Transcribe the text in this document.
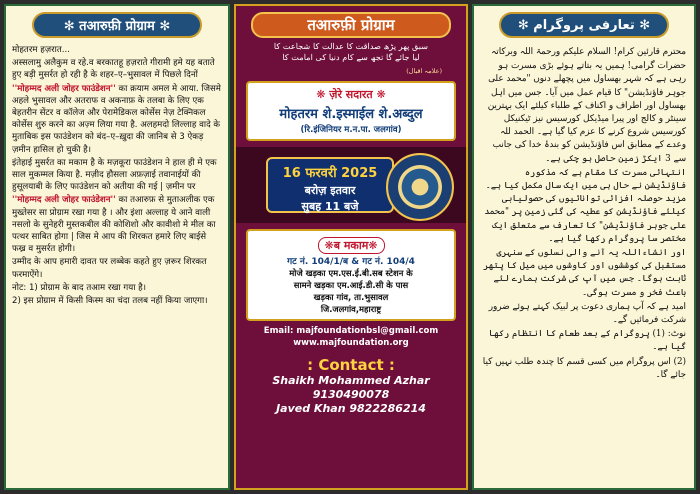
✻ तआरुफ़ी प्रोग्राम ✻

मोहतरम हज़रात...

अस्सलामु अलैकुम व रहे.व बरकातहू हज़राते गीरामी हमे यह बताते हुए बड़ी मुसर्रत हो रही है के शहर–ए–भुसावल में पिछले दिनों

''मोहम्मद अली जोहर फाउंडेशन'' का क़याम अमल मे आया. जिसमे अहले भुसावल और अतराफ व अकनाफ़ के तलबा के लिए एक बेहतरीन सेंटर व कॉलेज और पेरामेडिकल कोर्सेस नेज़ टेक्निकल कोर्सेस शुरु करने का अज़्म लिया गया है. अलहमदो लिल्लाह वादे के मुताबिक इस फाउंडेशन को बंद–ए–ख़ुदा की जानिब से 3 ऐकड़ ज़मीन हासिल हो चुकी है।

इंतेहाई मुसर्रत का मकाम है के मज़कूरा फाउंडेशन ने हाल ही मे एक साल मुकम्मल किया है. मज़ीद हौसला अफ़ज़ाई तवानाईयों की हुसूलयाबी के लिए फाउंडेशन को अतीया की गई | ज़मीन पर

''मोहम्मद अली जोहर फाउंडेशन'' का तआरुफ़ से मुताअलीक एक मुख्तेसर सा प्रोग्राम रखा गया है । और इंशा अल्लाह ये आने वाली नसलो के सुनेहरी मुस्तकबील की कोशिशो और कावीशो मे मील का पत्थर साबित होगा | जिस मे आप की शिरकत हमारे लिए बाईसे फख्र व मुसर्रत होगी।

उम्मीद के आप हमारी दावत पर लब्बेक कहते हुए ज़रूर शिरकत फरमाऐंगे।

नोट: 1) प्रोग्राम के बाद तआम रखा गया है।

2) इस प्रोग्राम में किसी किस्म का चंदा तलब नहीं किया जाएगा।

तआरुफ़ी प्रोग्राम
سبق پھر پڑھ صداقت کا عدالت کا شجاعت کا
لیا جائے گا تجھ سے کام دنیا کی امامت کا
(علامہ اقبال)
❋ ज़ेरे सदारत ❋
मोहतरम शे.इस्माईल शे.अब्दुल
(रि.इंजिनियर म.न.पा. जलगांव)
16 फरवरी 2025
बरोज़ इतवार
सुबह 11 बजे
❋ब मकाम❋
गट नं. 104/1/ब & गट नं. 104/4
मोजे खड़का एम.एस.ई.बी.सब स्टेशन के
सामने खड़का एम.आई.डी.सी के पास
खड़का गांव, ता.भुसावल
जि.जलगांव,महाराष्ट्र
Email: majfoundationbsl@gmail.com
www.majfoundation.org
: Contact :
Shaikh Mohammed Azhar
9130490078
Javed Khan 9822286214
✻ تعارفی پروگرام ✻

محترم قارئین کرام! السلام علیکم ورحمۃ اللہ وبرکاتہ

حضرات گرامی! ہمیں یہ بتاتے ہوئے بڑی مسرت ہو رہی ہے کہ شہر بھساول میں پچھلے دنوں "محمد علی جوہر فاؤنڈیشن" کا قیام عمل میں آیا۔ جس میں اہل بھساول اور اطراف و اکناف کے طلباء کیلئے ایک بہترین سینٹر و کالج اور پیرا میڈیکل کورسیس نیز ٹیکنیکل کورسیس شروع کرنے کا عزم کیا گیا ہے۔ الحمد للہ وعدے کے مطابق اس فاؤنڈیشن کو بندۂ خدا کی جانب سے 3 ایکڑ زمین حاصل ہو چکی ہے۔

انتہائی مسرت کا مقام ہے کہ مذکورہ فاؤنڈیشن نے حال ہی میں ایک سال مکمل کیا ہے۔ مزید حوصلہ افزائی توانائیوں کی حصولیابی کیلئے فاؤنڈیشن کو عطیہ کی گئی زمین پر "محمد علی جوہر فاؤنڈیشن" کا تعارف سے متعلق ایک مختصر سا پروگرام رکھا گیا ہے۔

اور انشاءاللہ یہ آنے والی نسلوں کے سنہری مستقبل کی کوششوں اور کاوشوں میں میل کا پتھر ثابت ہوگا۔ جس میں آپ کی شرکت ہمارے لئے باعث فخر و مسرت ہوگی۔

امید ہے کہ آپ ہماری دعوت پر لبیک کہتے ہوئے ضرور شرکت فرمائیں گے۔

نوٹ: (1) پروگرام کے بعد طعام کا انتظام رکھا گیا ہے۔

(2) اس پروگرام میں کسی قسم کا چندہ طلب نہیں کیا جائے گا۔
